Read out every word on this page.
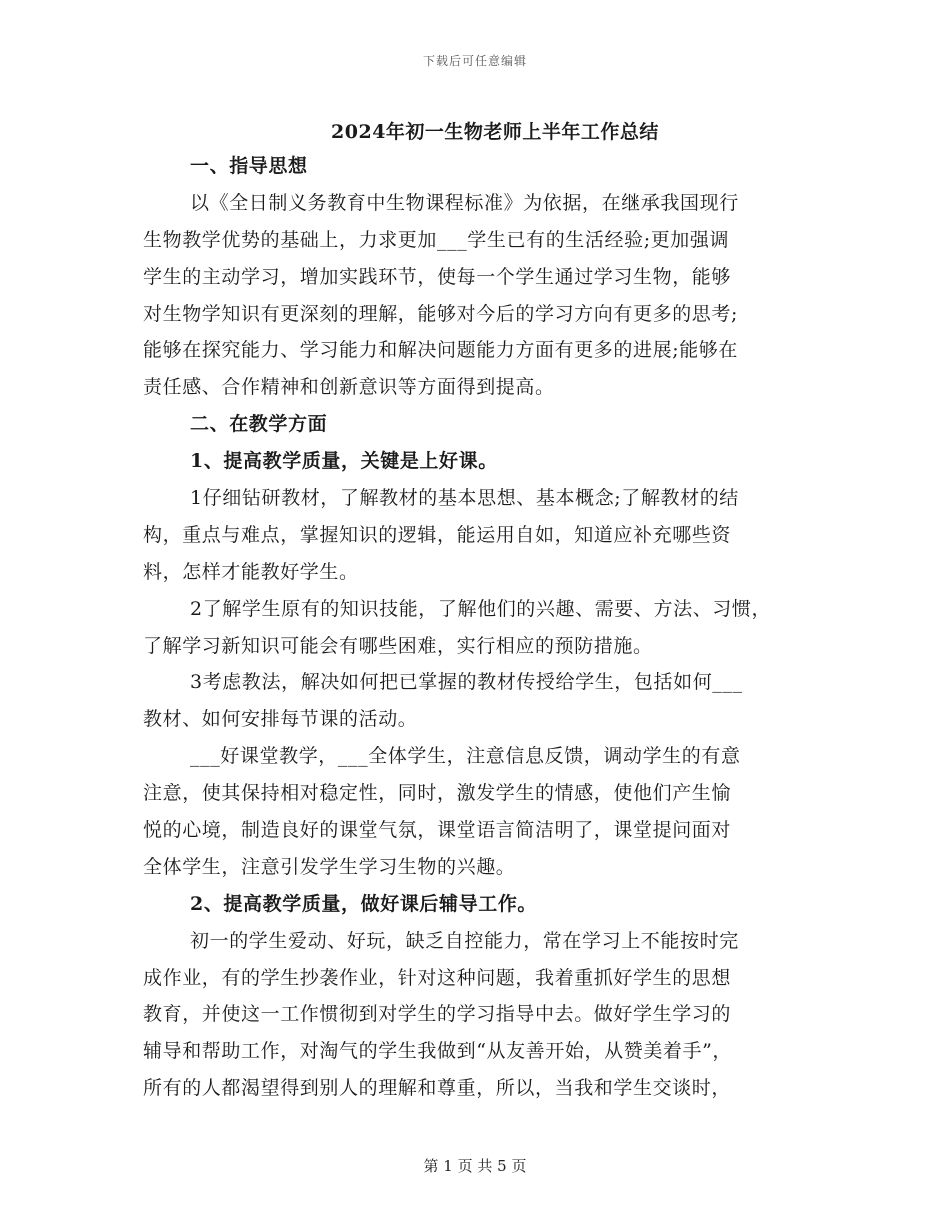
下载后可任意编辑
2024年初一生物老师上半年工作总结
一、指导思想
以《全日制义务教育中生物课程标准》为依据，在继承我国现行
生物教学优势的基础上，力求更加___学生已有的生活经验;更加强调
学生的主动学习，增加实践环节，使每一个学生通过学习生物，能够
对生物学知识有更深刻的理解，能够对今后的学习方向有更多的思考;
能够在探究能力、学习能力和解决问题能力方面有更多的进展;能够在
责任感、合作精神和创新意识等方面得到提高。
二、在教学方面
1、提高教学质量，关键是上好课。
1仔细钻研教材，了解教材的基本思想、基本概念;了解教材的结
构，重点与难点，掌握知识的逻辑，能运用自如，知道应补充哪些资
料，怎样才能教好学生。
2了解学生原有的知识技能，了解他们的兴趣、需要、方法、习惯，
了解学习新知识可能会有哪些困难，实行相应的预防措施。
3考虑教法，解决如何把已掌握的教材传授给学生，包括如何___
教材、如何安排每节课的活动。
___好课堂教学，___全体学生，注意信息反馈，调动学生的有意
注意，使其保持相对稳定性，同时，激发学生的情感，使他们产生愉
悦的心境，制造良好的课堂气氛，课堂语言简洁明了，课堂提问面对
全体学生，注意引发学生学习生物的兴趣。
2、提高教学质量，做好课后辅导工作。
初一的学生爱动、好玩，缺乏自控能力，常在学习上不能按时完
成作业，有的学生抄袭作业，针对这种问题，我着重抓好学生的思想
教育，并使这一工作惯彻到对学生的学习指导中去。做好学生学习的
辅导和帮助工作，对淘气的学生我做到“从友善开始，从赞美着手”，
所有的人都渴望得到别人的理解和尊重，所以，当我和学生交谈时，
第 1 页 共 5 页
